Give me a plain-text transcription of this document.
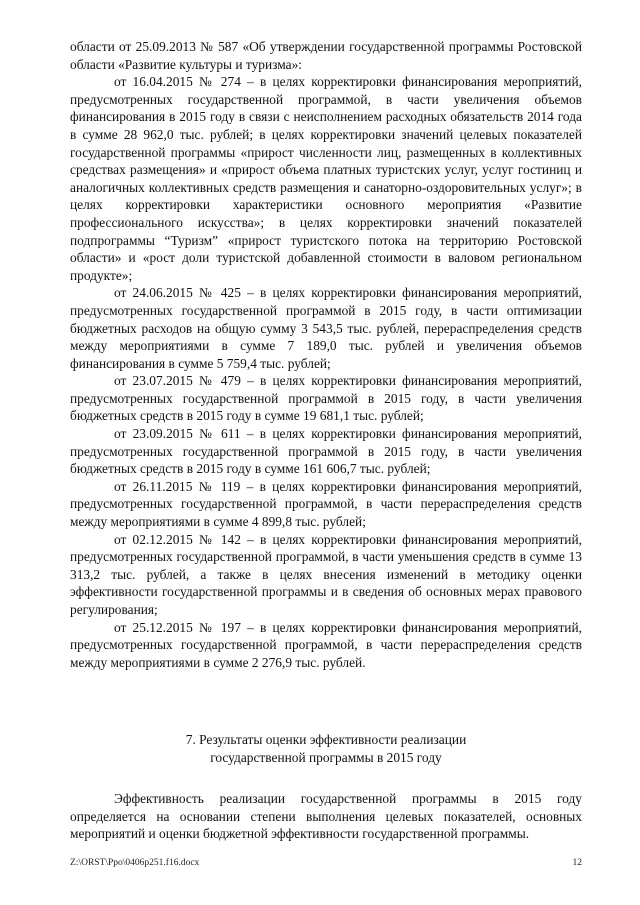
области от 25.09.2013 № 587 «Об утверждении государственной программы Ростовской области «Развитие культуры и туризма»:

от 16.04.2015 № 274 – в целях корректировки финансирования мероприятий, предусмотренных государственной программой, в части увеличения объемов финансирования в 2015 году в связи с неисполнением расходных обязательств 2014 года в сумме 28 962,0 тыс. рублей; в целях корректировки значений целевых показателей государственной программы «прирост численности лиц, размещенных в коллективных средствах размещения» и «прирост объема платных туристских услуг, услуг гостиниц и аналогичных коллективных средств размещения и санаторно-оздоровительных услуг»; в целях корректировки характеристики основного мероприятия «Развитие профессионального искусства»; в целях корректировки значений показателей подпрограммы “Туризм” «прирост туристского потока на территорию Ростовской области» и «рост доли туристской добавленной стоимости в валовом региональном продукте»;

от 24.06.2015 № 425 – в целях корректировки финансирования мероприятий, предусмотренных государственной программой в 2015 году, в части оптимизации бюджетных расходов на общую сумму 3 543,5 тыс. рублей, перераспределения средств между мероприятиями в сумме 7 189,0 тыс. рублей и увеличения объемов финансирования в сумме 5 759,4 тыс. рублей;

от 23.07.2015 № 479 – в целях корректировки финансирования мероприятий, предусмотренных государственной программой в 2015 году, в части увеличения бюджетных средств в 2015 году в сумме 19 681,1 тыс. рублей;

от 23.09.2015 № 611 – в целях корректировки финансирования мероприятий, предусмотренных государственной программой в 2015 году, в части увеличения бюджетных средств в 2015 году в сумме 161 606,7 тыс. рублей;

от 26.11.2015 № 119 – в целях корректировки финансирования мероприятий, предусмотренных государственной программой, в части перераспределения средств между мероприятиями в сумме 4 899,8 тыс. рублей;

от 02.12.2015 № 142 – в целях корректировки финансирования мероприятий, предусмотренных государственной программой, в части уменьшения средств в сумме 13 313,2 тыс. рублей, а также в целях внесения изменений в методику оценки эффективности государственной программы и в сведения об основных мерах правового регулирования;

от 25.12.2015 № 197 – в целях корректировки финансирования мероприятий, предусмотренных государственной программой, в части перераспределения средств между мероприятиями в сумме 2 276,9 тыс. рублей.

7. Результаты оценки эффективности реализации
государственной программы в 2015 году

Эффективность реализации государственной программы в 2015 году определяется на основании степени выполнения целевых показателей, основных мероприятий и оценки бюджетной эффективности государственной программы.

Z:\ORST\Ppo\0406p251.f16.docx	12
